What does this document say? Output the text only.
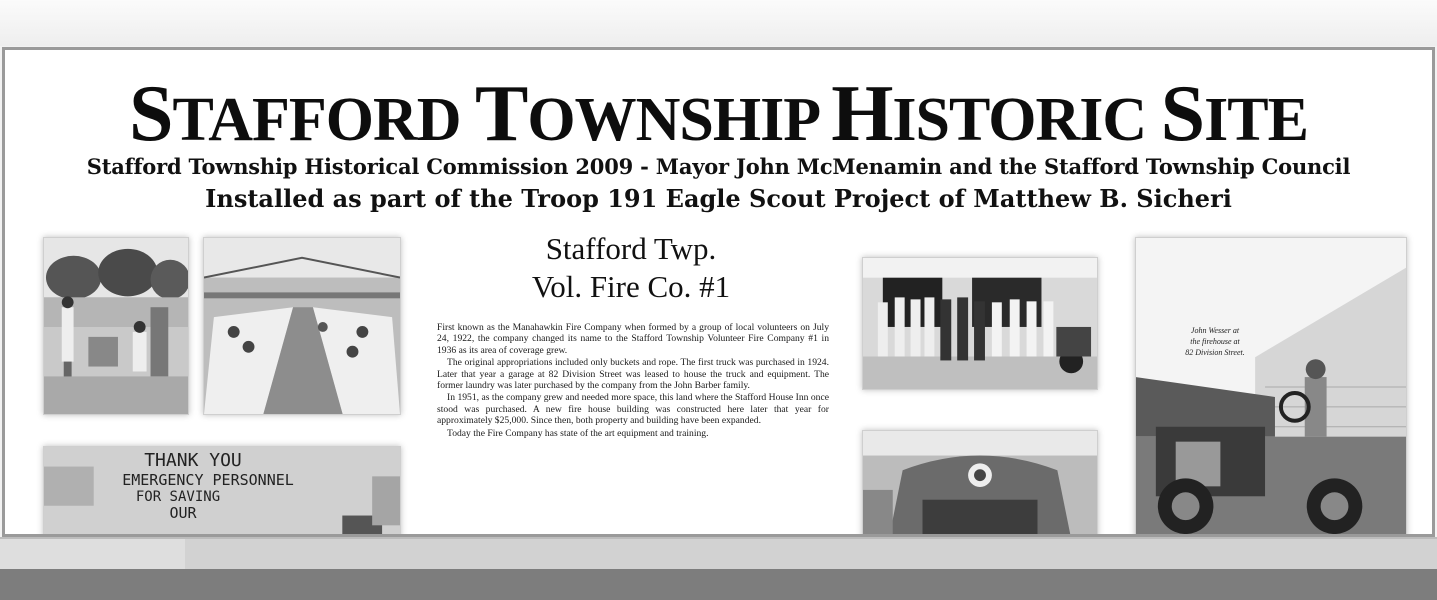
STAFFORD TOWNSHIP HISTORIC SITE
Stafford Township Historical Commission 2009 - Mayor John McMenamin and the Stafford Township Council
Installed as part of the Troop 191 Eagle Scout Project of Matthew B. Sicheri
THANK YOU
EMERGENCY PERSONNEL
FOR SAVING
OUR
Stafford Twp.
Vol. Fire Co. #1

First known as the Manahawkin Fire Company when formed by a group of local volunteers on July 24, 1922, the company changed its name to the Stafford Township Volunteer Fire Company #1 in 1936 as its area of coverage grew.

The original appropriations included only buckets and rope. The first truck was purchased in 1924. Later that year a garage at 82 Division Street was leased to house the truck and equipment. The former laundry was later purchased by the company from the John Barber family.

In 1951, as the company grew and needed more space, this land where the Stafford House Inn once stood was purchased. A new fire house building was constructed here later that year for approximately $25,000. Since then, both property and building have been expanded.

Today the Fire Company has state of the art equipment and training.

John Wesser at
the firehouse at
82 Division Street.
